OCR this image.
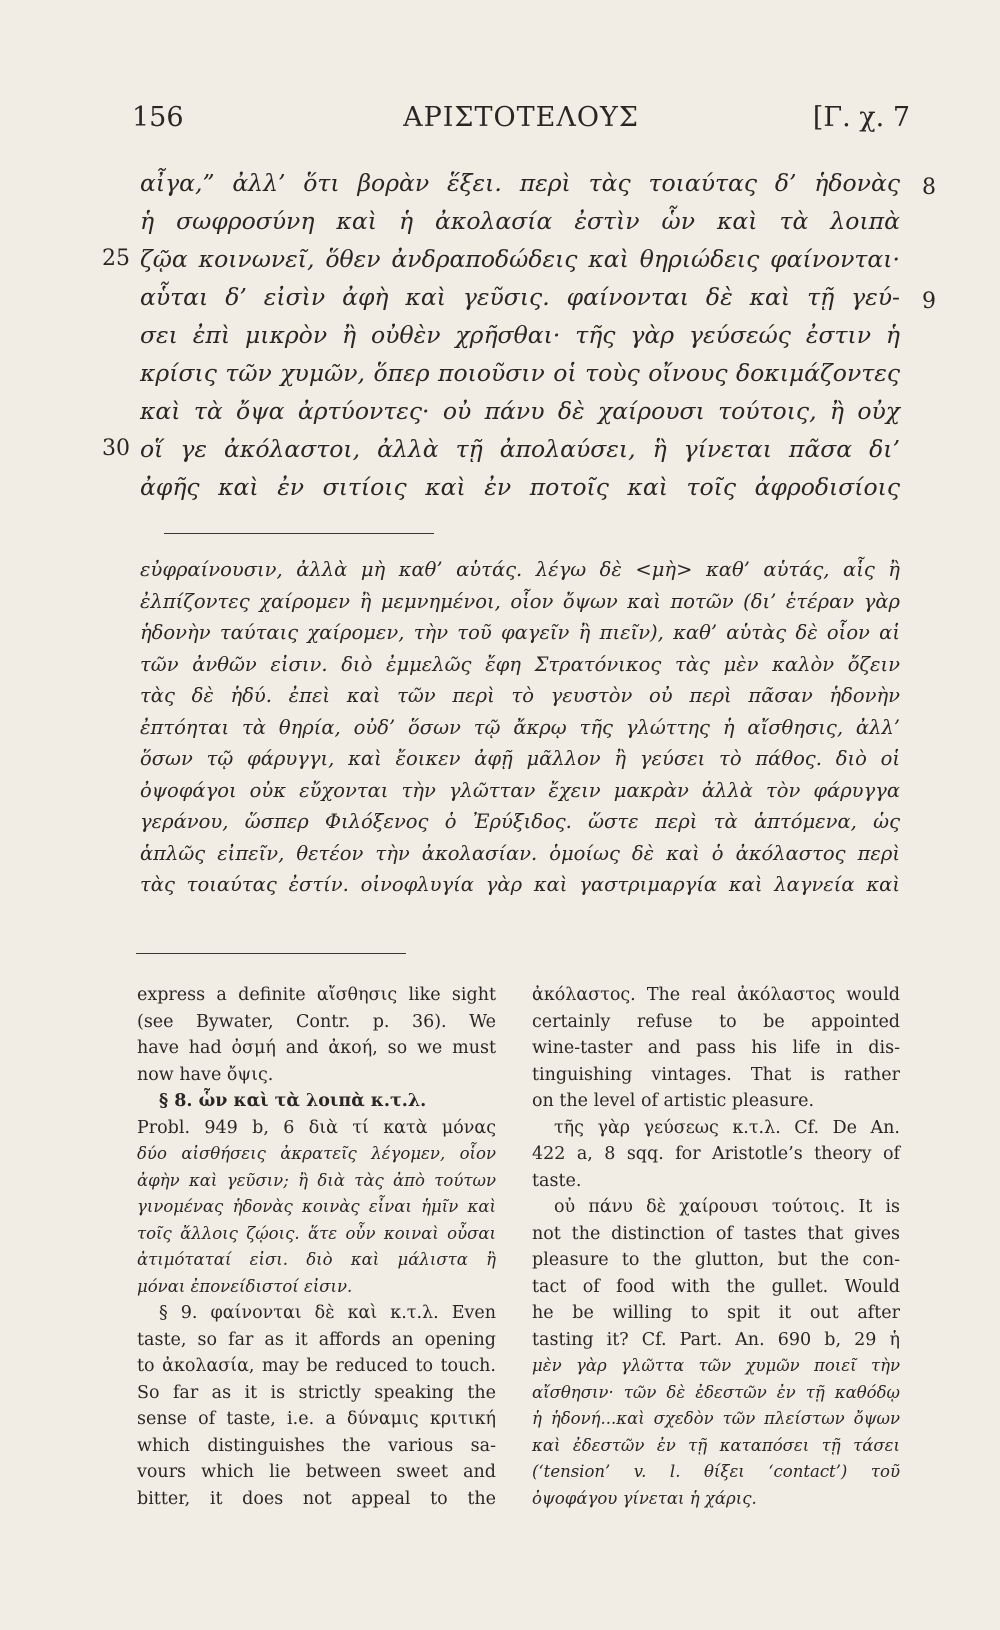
156	ΑΡΙΣΤΟΤΕΛΟΥΣ	[Γ. χ. 7
αἶγα,” ἀλλ’ ὅτι βορὰν ἕξει. περὶ τὰς τοιαύτας δ’ ἡδονὰς 8
ἡ σωφροσύνη καὶ ἡ ἀκολασία ἐστὶν ὧν καὶ τὰ λοιπὰ
25 ζῷα κοινωνεῖ, ὅθεν ἀνδραποδώδεις καὶ θηριώδεις φαίνονται·
αὗται δ’ εἰσὶν ἀφὴ καὶ γεῦσις. φαίνονται δὲ καὶ τῇ γεύ- 9
σει ἐπὶ μικρὸν ἢ οὐθὲν χρῆσθαι· τῆς γὰρ γεύσεώς ἐστιν ἡ
κρίσις τῶν χυμῶν, ὅπερ ποιοῦσιν οἱ τοὺς οἴνους δοκιμάζοντες
καὶ τὰ ὄψα ἀρτύοντες· οὐ πάνυ δὲ χαίρουσι τούτοις, ἢ οὐχ
30 οἵ γε ἀκόλαστοι, ἀλλὰ τῇ ἀπολαύσει, ἣ γίνεται πᾶσα δι’
ἀφῆς καὶ ἐν σιτίοις καὶ ἐν ποτοῖς καὶ τοῖς ἀφροδισίοις
εὐφραίνουσιν, ἀλλὰ μὴ καθ’ αὑτάς. λέγω δὲ <μὴ> καθ’ αὑτάς, αἷς ἢ
ἐλπίζοντες χαίρομεν ἢ μεμνημένοι, οἷον ὄψων καὶ ποτῶν (δι’ ἑτέραν γὰρ
ἡδονὴν ταύταις χαίρομεν, τὴν τοῦ φαγεῖν ἢ πιεῖν), καθ’ αὑτὰς δὲ οἷον αἱ
τῶν ἀνθῶν εἰσιν. διὸ ἐμμελῶς ἔφη Στρατόνικος τὰς μὲν καλὸν ὄζειν
τὰς δὲ ἡδύ. ἐπεὶ καὶ τῶν περὶ τὸ γευστὸν οὐ περὶ πᾶσαν ἡδονὴν
ἐπτόηται τὰ θηρία, οὐδ’ ὅσων τῷ ἄκρῳ τῆς γλώττης ἡ αἴσθησις, ἀλλ’
ὅσων τῷ φάρυγγι, καὶ ἔοικεν ἀφῇ μᾶλλον ἢ γεύσει τὸ πάθος. διὸ οἱ
ὀψοφάγοι οὐκ εὔχονται τὴν γλῶτταν ἔχειν μακρὰν ἀλλὰ τὸν φάρυγγα
γεράνου, ὥσπερ Φιλόξενος ὁ Ἐρύξιδος. ὥστε περὶ τὰ ἁπτόμενα, ὡς
ἁπλῶς εἰπεῖν, θετέον τὴν ἀκολασίαν. ὁμοίως δὲ καὶ ὁ ἀκόλαστος περὶ
τὰς τοιαύτας ἐστίν. οἰνοφλυγία γὰρ καὶ γαστριμαργία καὶ λαγνεία καὶ
express a definite αἴσθησις like sight
(see Bywater, Contr. p. 36). We
have had ὀσμή and ἀκοή, so we must
now have ὄψις.
§ 8. ὧν καὶ τὰ λοιπὰ κ.τ.λ.
Probl. 949 b, 6 διὰ τί κατὰ μόνας
δύο αἰσθήσεις ἀκρατεῖς λέγομεν, οἷον
ἀφὴν καὶ γεῦσιν; ἢ διὰ τὰς ἀπὸ τούτων
γινομένας ἡδονὰς κοινὰς εἶναι ἡμῖν καὶ
τοῖς ἄλλοις ζῴοις. ἅτε οὖν κοιναὶ οὖσαι
ἀτιμόταταί εἰσι. διὸ καὶ μάλιστα ἢ
μόναι ἐπονείδιστοί εἰσιν.
§ 9. φαίνονται δὲ καὶ κ.τ.λ. Even
taste, so far as it affords an opening
to ἀκολασία, may be reduced to touch.
So far as it is strictly speaking the
sense of taste, i.e. a δύναμις κριτική
which distinguishes the various sa-
vours which lie between sweet and
bitter, it does not appeal to the
ἀκόλαστος. The real ἀκόλαστος would
certainly refuse to be appointed
wine-taster and pass his life in dis-
tinguishing vintages. That is rather
on the level of artistic pleasure.
τῆς γὰρ γεύσεως κ.τ.λ. Cf. De An.
422 a, 8 sqq. for Aristotle’s theory of
taste.
οὐ πάνυ δὲ χαίρουσι τούτοις. It is
not the distinction of tastes that gives
pleasure to the glutton, but the con-
tact of food with the gullet. Would
he be willing to spit it out after
tasting it? Cf. Part. An. 690 b, 29 ἡ
μὲν γὰρ γλῶττα τῶν χυμῶν ποιεῖ τὴν
αἴσθησιν· τῶν δὲ ἐδεστῶν ἐν τῇ καθόδῳ
ἡ ἡδονή...καὶ σχεδὸν τῶν πλείστων ὄψων
καὶ ἐδεστῶν ἐν τῇ καταπόσει τῇ τάσει
(‘tension’ v. l. θίξει ‘contact’) τοῦ
ὀψοφάγου γίνεται ἡ χάρις.
